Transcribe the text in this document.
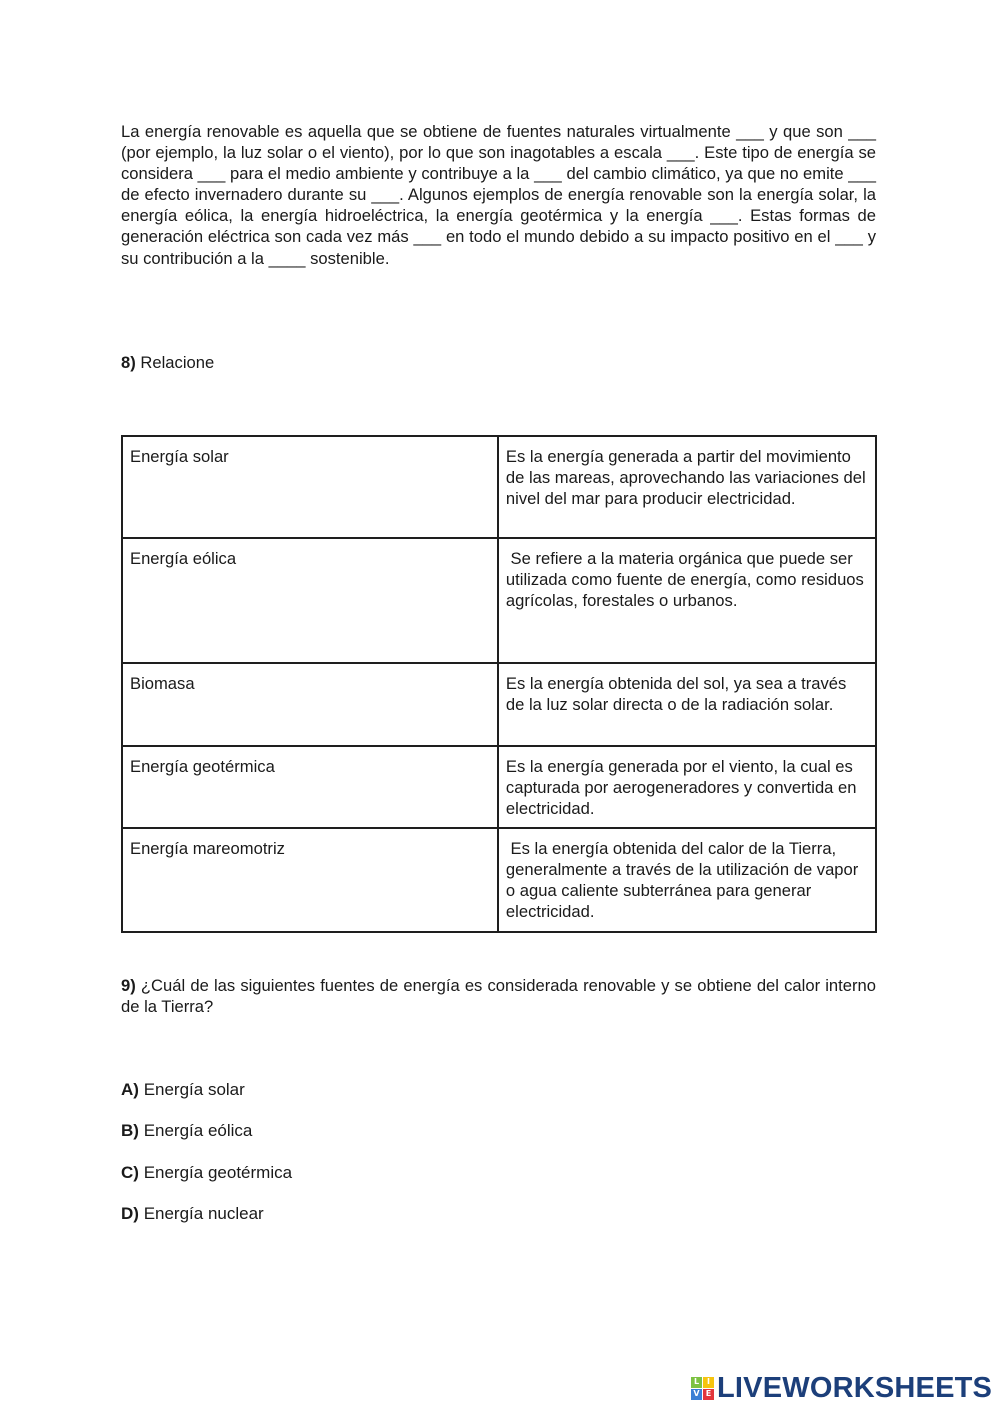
La energía renovable es aquella que se obtiene de fuentes naturales virtualmente ___ y que son ___ (por ejemplo, la luz solar o el viento), por lo que son inagotables a escala ___. Este tipo de energía se considera ___ para el medio ambiente y contribuye a la ___ del cambio climático, ya que no emite ___ de efecto invernadero durante su ___. Algunos ejemplos de energía renovable son la energía solar, la energía eólica, la energía hidroeléctrica, la energía geotérmica y la energía ___. Estas formas de generación eléctrica son cada vez más ___ en todo el mundo debido a su impacto positivo en el ___ y su contribución a la ____ sostenible.

8) Relacione

Energía solar	Es la energía generada a partir del movimiento de las mareas, aprovechando las variaciones del nivel del mar para producir electricidad.
Energía eólica	Se refiere a la materia orgánica que puede ser utilizada como fuente de energía, como residuos agrícolas, forestales o urbanos.
Biomasa	Es la energía obtenida del sol, ya sea a través de la luz solar directa o de la radiación solar.
Energía geotérmica	Es la energía generada por el viento, la cual es capturada por aerogeneradores y convertida en electricidad.
Energía mareomotriz	Es la energía obtenida del calor de la Tierra, generalmente a través de la utilización de vapor o agua caliente subterránea para generar electricidad.

9) ¿Cuál de las siguientes fuentes de energía es considerada renovable y se obtiene del calor interno de la Tierra?

A) Energía solar
B) Energía eólica
C) Energía geotérmica
D) Energía nuclear
L I
V E LIVEWORKSHEETS
